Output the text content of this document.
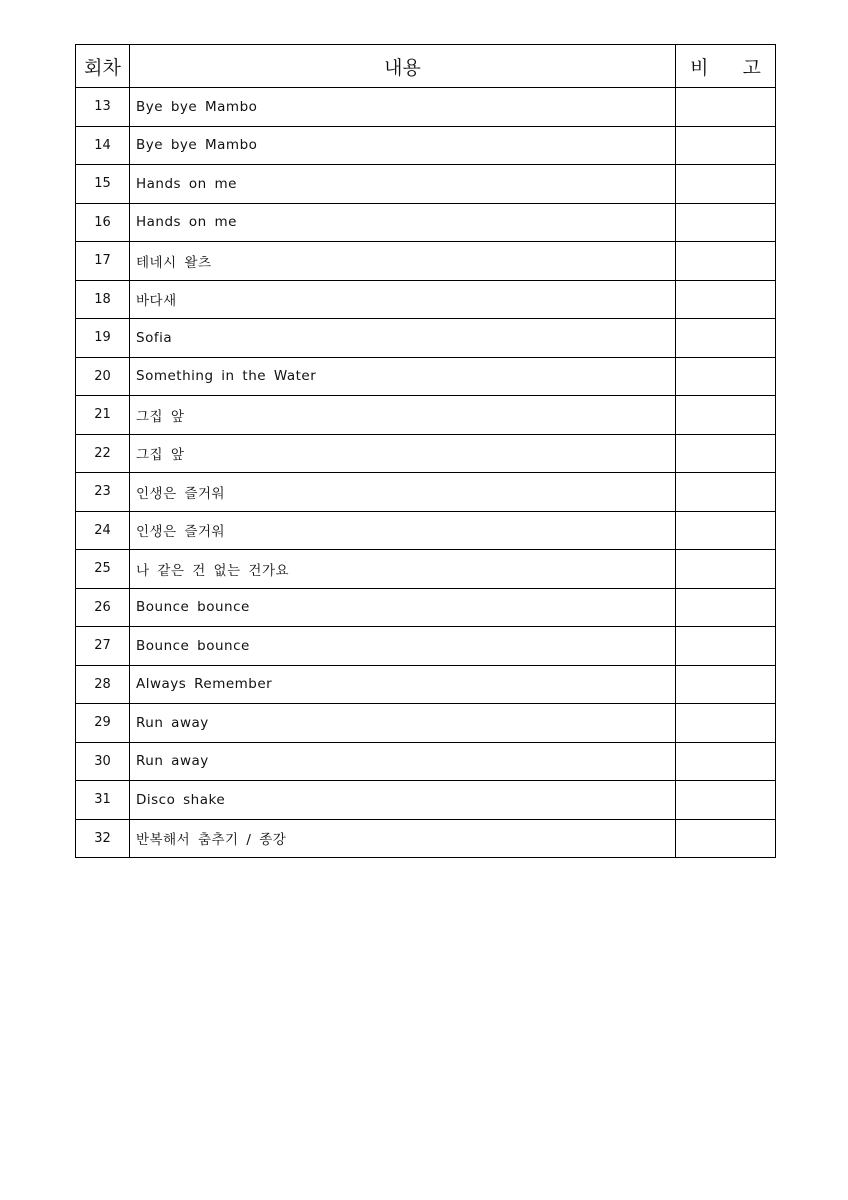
회차	내용	비 고
13	Bye bye Mambo	
14	Bye bye Mambo	
15	Hands on me	
16	Hands on me	
17	테네시 왈츠	
18	바다새	
19	Sofia	
20	Something in the Water	
21	그집 앞	
22	그집 앞	
23	인생은 즐거워	
24	인생은 즐거워	
25	나 같은 건 없는 건가요	
26	Bounce bounce	
27	Bounce bounce	
28	Always Remember	
29	Run away	
30	Run away	
31	Disco shake	
32	반복해서 춤추기 / 종강	
